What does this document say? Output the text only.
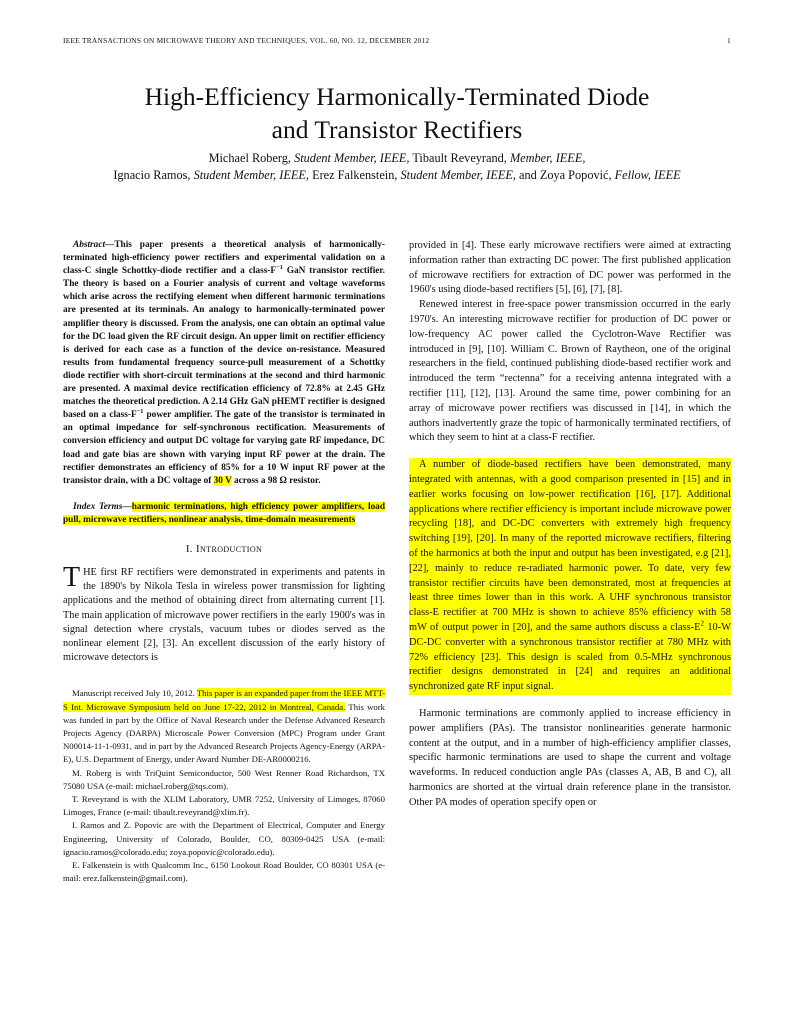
IEEE TRANSACTIONS ON MICROWAVE THEORY AND TECHNIQUES, VOL. 60, NO. 12, DECEMBER 2012	1
High-Efficiency Harmonically-Terminated Diode
and Transistor Rectifiers
Michael Roberg, Student Member, IEEE, Tibault Reveyrand, Member, IEEE,
Ignacio Ramos, Student Member, IEEE, Erez Falkenstein, Student Member, IEEE, and Zoya Popović, Fellow, IEEE

Abstract—This paper presents a theoretical analysis of harmonically-terminated high-efficiency power rectifiers and experimental validation on a class-C single Schottky-diode rectifier and a class-$F^{-1}$ GaN transistor rectifier. The theory is based on a Fourier analysis of current and voltage waveforms which arise across the rectifying element when different harmonic terminations are presented at its terminals. An analogy to harmonically-terminated power amplifier theory is discussed. From the analysis, one can obtain an optimal value for the DC load given the RF circuit design. An upper limit on rectifier efficiency is derived for each case as a function of the device on-resistance. Measured results from fundamental frequency source-pull measurement of a Schottky diode rectifier with short-circuit terminations at the second and third harmonic are presented. A maximal device rectification efficiency of 72.8% at 2.45 GHz matches the theoretical prediction. A 2.14 GHz GaN pHEMT rectifier is designed based on a class-$F^{-1}$ power amplifier. The gate of the transistor is terminated in an optimal impedance for self-synchronous rectification. Measurements of conversion efficiency and output DC voltage for varying gate RF impedance, DC load and gate bias are shown with varying input RF power at the drain. The rectifier demonstrates an efficiency of 85% for a 10 W input RF power at the transistor drain, with a DC voltage of 30 V across a 98 Ω resistor.

Index Terms—harmonic terminations, high efficiency power amplifiers, load pull, microwave rectifiers, nonlinear analysis, time-domain measurements

I. Introduction

THE first RF rectifiers were demonstrated in experiments and patents in the 1890's by Nikola Tesla in wireless power transmission for lighting applications and the method of obtaining direct from alternating current [1]. The main application of microwave power rectifiers in the early 1900's was in signal detection where crystals, vacuum tubes or diodes served as the nonlinear element [2], [3]. An excellent discussion of the early history of microwave detectors is

Manuscript received July 10, 2012. This paper is an expanded paper from the IEEE MTT-S Int. Microwave Symposium held on June 17-22, 2012 in Montreal, Canada. This work was funded in part by the Office of Naval Research under the Defense Advanced Research Projects Agency (DARPA) Microscale Power Conversion (MPC) Program under Grant N00014-11-1-0931, and in part by the Advanced Research Projects Agency-Energy (ARPA-E), U.S. Department of Energy, under Award Number DE-AR0000216.

M. Roberg is with TriQuint Semiconductor, 500 West Renner Road Richardson, TX 75080 USA (e-mail: michael.roberg@tqs.com).

T. Reveyrand is with the XLIM Laboratory, UMR 7252, University of Limoges, 87060 Limoges, France (e-mail: tibault.reveyrand@xlim.fr).

I. Ramos and Z. Popovic are with the Department of Electrical, Computer and Energy Engineering, University of Colorado, Boulder, CO, 80309-0425 USA (e-mail: ignacio.ramos@colorado.edu; zoya.popovic@colorado.edu).

E. Falkenstein is with Qualcomm Inc., 6150 Lookout Road Boulder, CO 80301 USA (e-mail: erez.falkenstein@gmail.com).

provided in [4]. These early microwave rectifiers were aimed at extracting information rather than extracting DC power. The first published application of microwave rectifiers for extraction of DC power was performed in the 1960's using diode-based rectifiers [5], [6], [7], [8].

Renewed interest in free-space power transmission occurred in the early 1970's. An interesting microwave rectifier for production of DC power or low-frequency AC power called the Cyclotron-Wave Rectifier was introduced in [9], [10]. William C. Brown of Raytheon, one of the original researchers in the field, continued publishing diode-based rectifier work and introduced the term “rectenna” for a receiving antenna integrated with a rectifier [11], [12], [13]. Around the same time, power combining for an array of microwave power rectifiers was discussed in [14], in which the authors inadvertently graze the topic of harmonically terminated rectifiers, of which they seem to hint at a class-F rectifier.

A number of diode-based rectifiers have been demonstrated, many integrated with antennas, with a good comparison presented in [15] and in earlier works focusing on low-power rectification [16], [17]. Additional applications where rectifier efficiency is important include microwave power recycling [18], and DC-DC converters with extremely high frequency switching [19], [20]. In many of the reported microwave rectifiers, filtering of the harmonics at both the input and output has been investigated, e.g [21],[22], mainly to reduce re-radiated harmonic power. To date, very few transistor rectifier circuits have been demonstrated, most at frequencies at least three times lower than in this work. A UHF synchronous transistor class-E rectifier at 700 MHz is shown to achieve 85% efficiency with 58 mW of output power in [20], and the same authors discuss a class-$E^2$ 10-W DC-DC converter with a synchronous transistor rectifier at 780 MHz with 72% efficiency [23]. This design is scaled from 0.5-MHz synchronous rectifier designs demonstrated in [24] and requires an additional synchronized gate RF input signal.

Harmonic terminations are commonly applied to increase efficiency in power amplifiers (PAs). The transistor nonlinearities generate harmonic content at the output, and in a number of high-efficiency amplifier classes, specific harmonic terminations are used to shape the current and voltage waveforms. In reduced conduction angle PAs (classes A, AB, B and C), all harmonics are shorted at the virtual drain reference plane in the transistor. Other PA modes of operation specify open or
